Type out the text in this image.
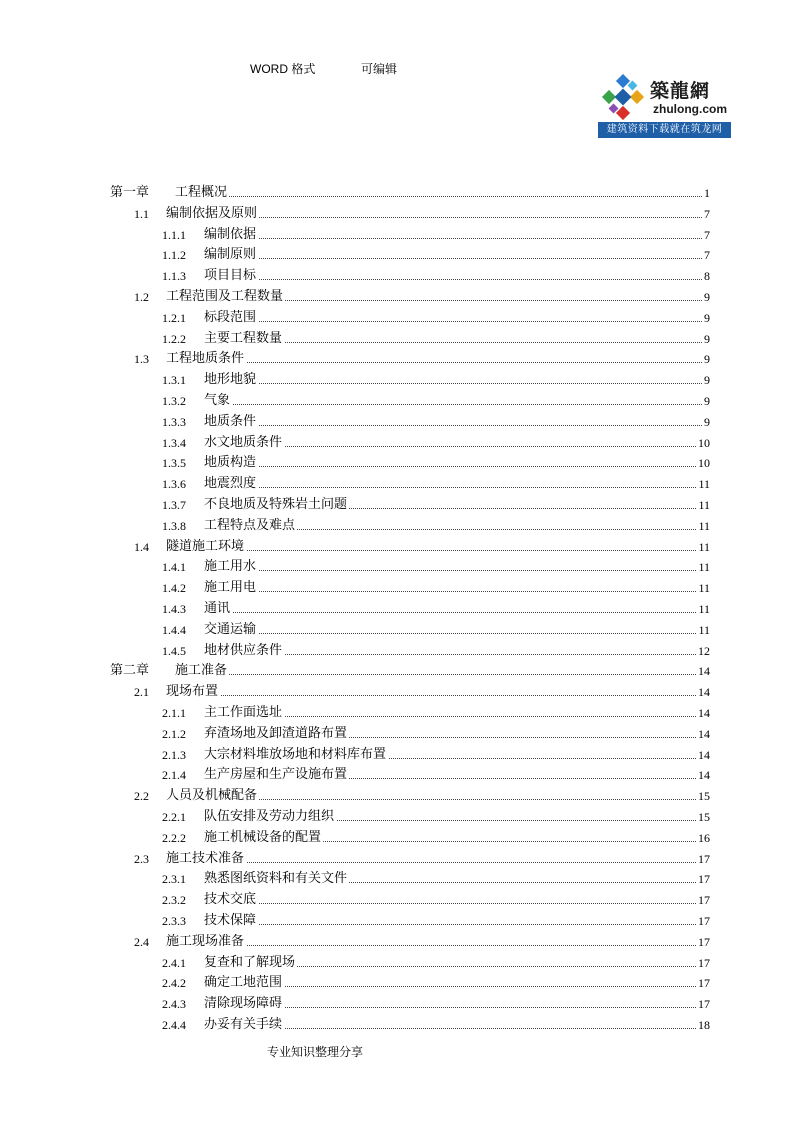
WORD 格式	可编辑
築龍網
zhulong.com
建筑资料下载就在筑龙网
第一章 工程概况	1
1.1 编制依据及原则	7
1.1.1 编制依据	7
1.1.2 编制原则	7
1.1.3 项目目标	8
1.2 工程范围及工程数量	9
1.2.1 标段范围	9
1.2.2 主要工程数量	9
1.3 工程地质条件	9
1.3.1 地形地貌	9
1.3.2 气象	9
1.3.3 地质条件	9
1.3.4 水文地质条件	10
1.3.5 地质构造	10
1.3.6 地震烈度	11
1.3.7 不良地质及特殊岩土问题	11
1.3.8 工程特点及难点	11
1.4 隧道施工环境	11
1.4.1 施工用水	11
1.4.2 施工用电	11
1.4.3 通讯	11
1.4.4 交通运输	11
1.4.5 地材供应条件	12
第二章 施工准备	14
2.1 现场布置	14
2.1.1 主工作面选址	14
2.1.2 弃渣场地及卸渣道路布置	14
2.1.3 大宗材料堆放场地和材料库布置	14
2.1.4 生产房屋和生产设施布置	14
2.2 人员及机械配备	15
2.2.1 队伍安排及劳动力组织	15
2.2.2 施工机械设备的配置	16
2.3 施工技术准备	17
2.3.1 熟悉图纸资料和有关文件	17
2.3.2 技术交底	17
2.3.3 技术保障	17
2.4 施工现场准备	17
2.4.1 复查和了解现场	17
2.4.2 确定工地范围	17
2.4.3 清除现场障碍	17
2.4.4 办妥有关手续	18
专业知识整理分享
